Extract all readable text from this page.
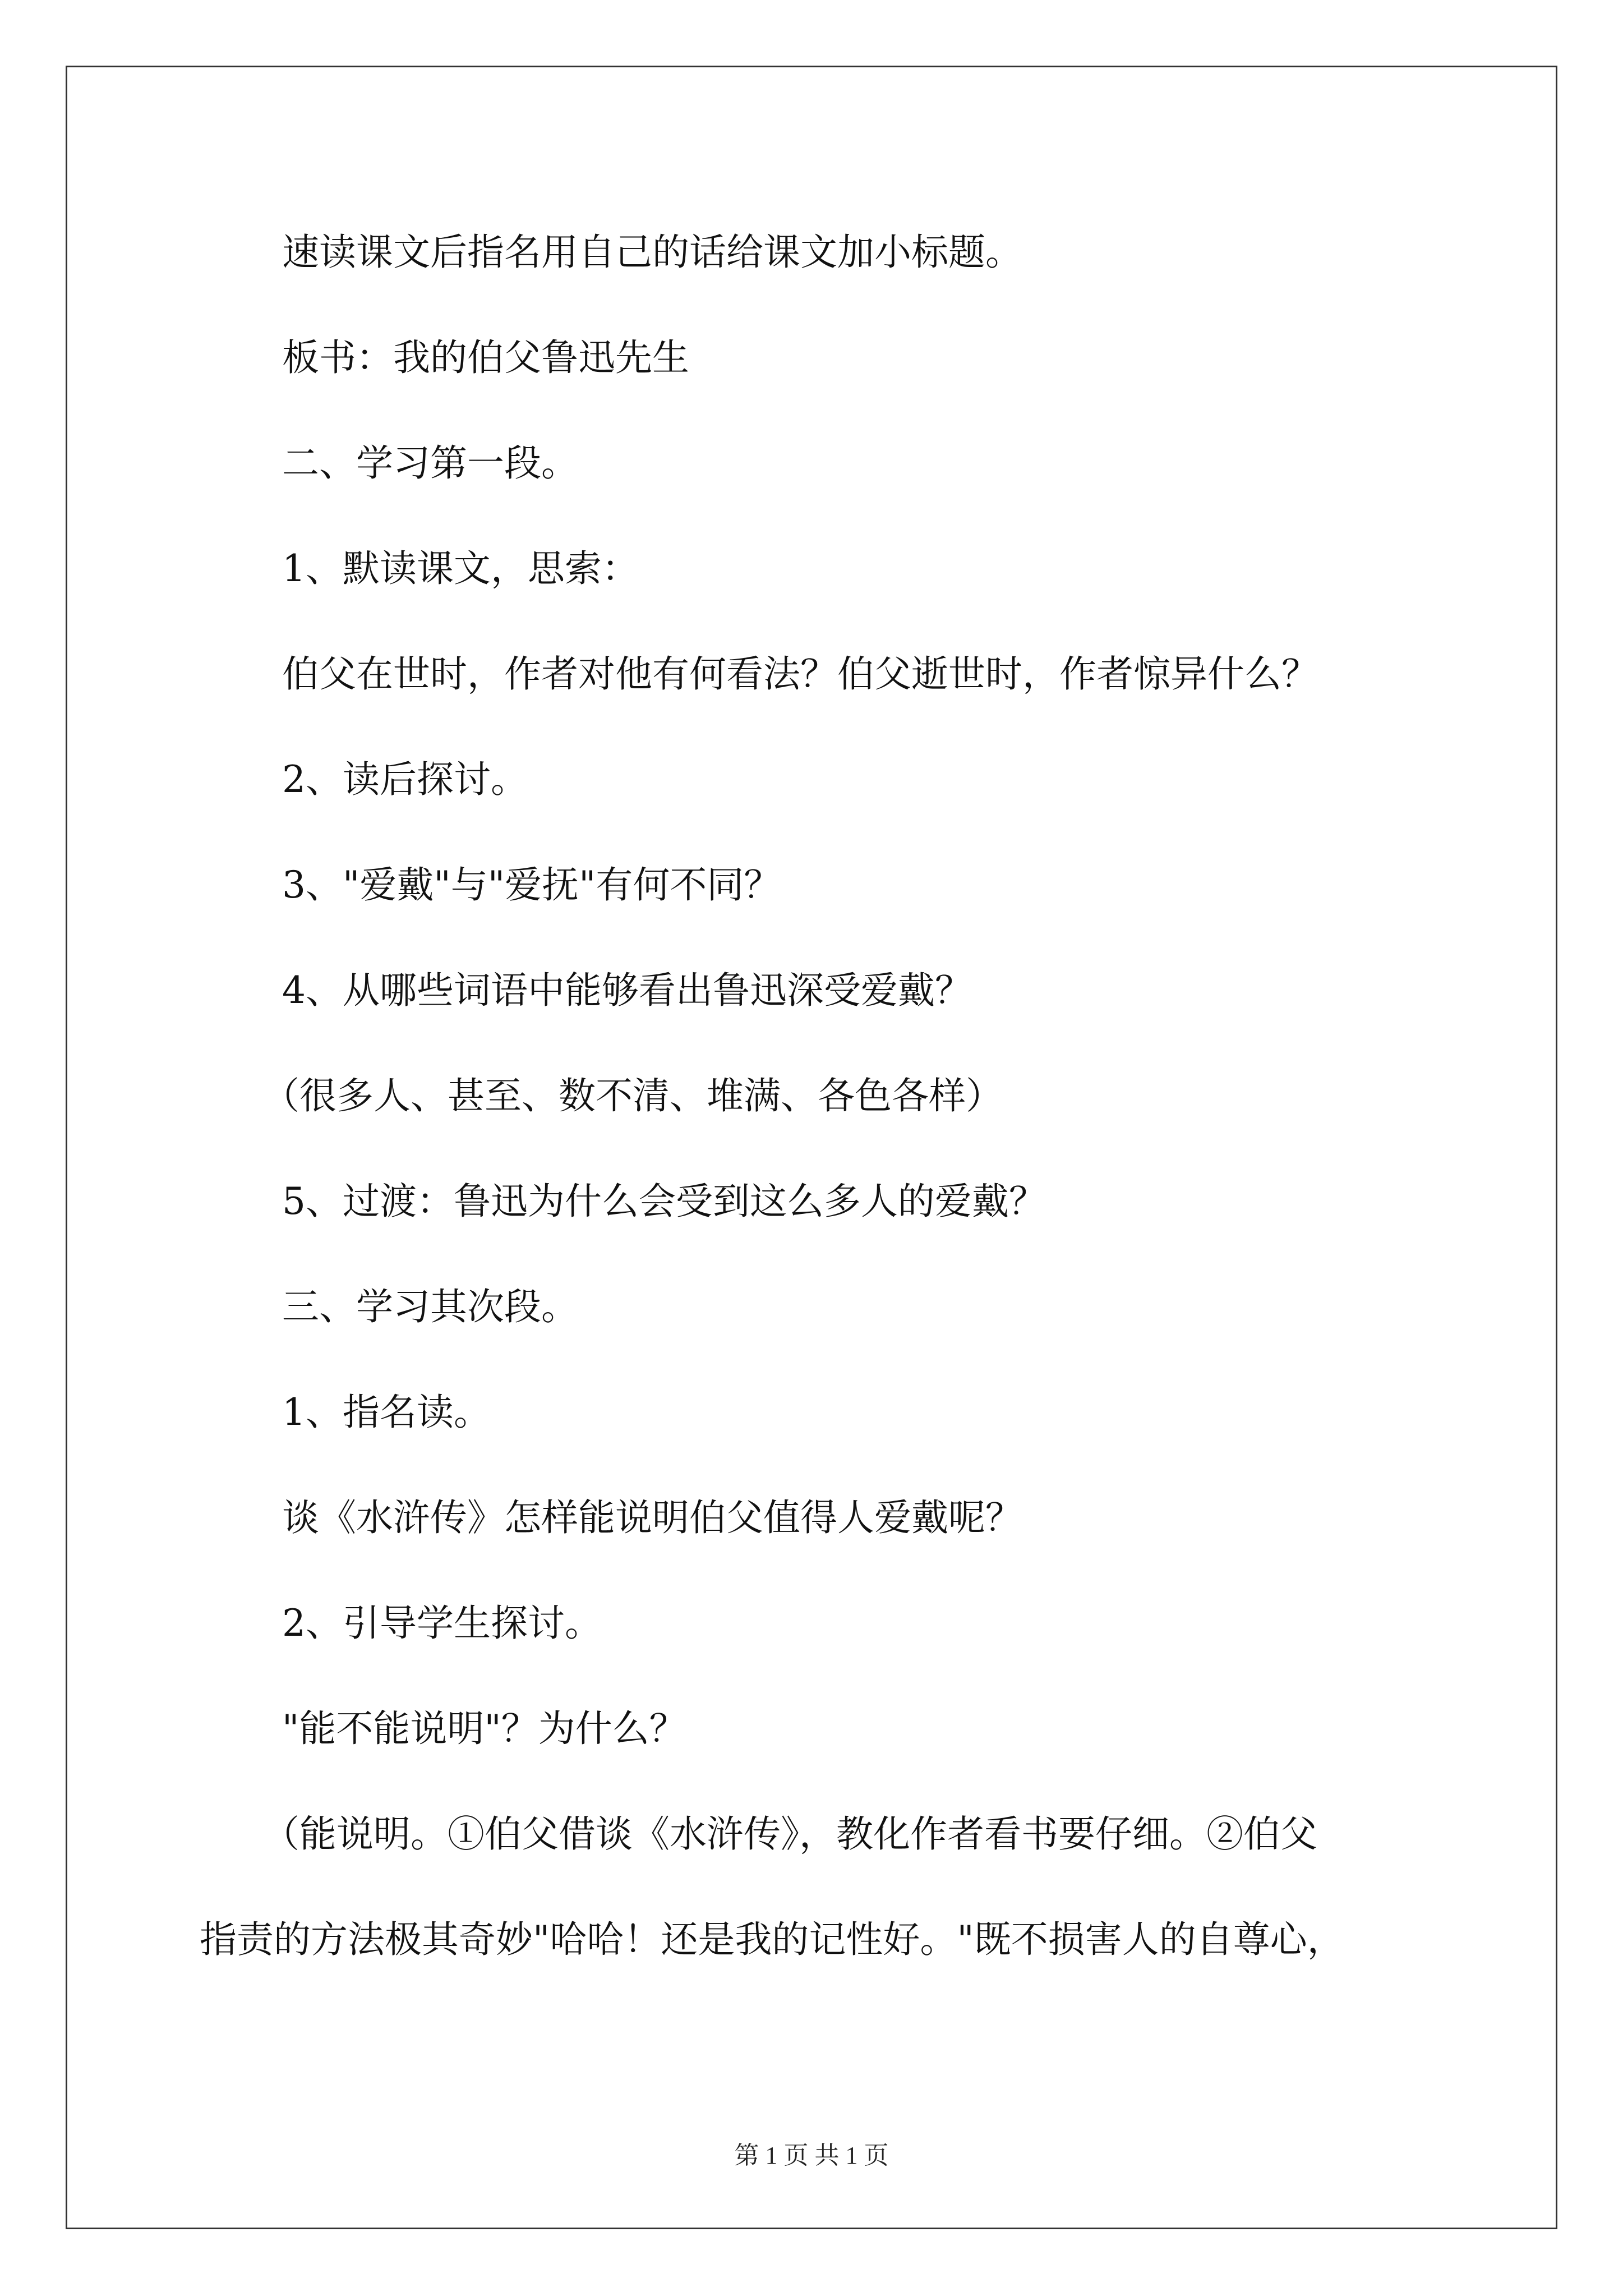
速读课文后指名用自己的话给课文加小标题。
板书：我的伯父鲁迅先生
二、学习第一段。
1、默读课文，思索：
伯父在世时，作者对他有何看法？伯父逝世时，作者惊异什么？
2、读后探讨。
3、"爱戴"与"爱抚"有何不同？
4、从哪些词语中能够看出鲁迅深受爱戴？
（很多人、甚至、数不清、堆满、各色各样）
5、过渡：鲁迅为什么会受到这么多人的爱戴？
三、学习其次段。
1、指名读。
谈《水浒传》怎样能说明伯父值得人爱戴呢？
2、引导学生探讨。
"能不能说明"？为什么？
（能说明。①伯父借谈《水浒传》，教化作者看书要仔细。②伯父
指责的方法极其奇妙"哈哈！还是我的记性好。"既不损害人的自尊心，
第 1 页 共 1 页
